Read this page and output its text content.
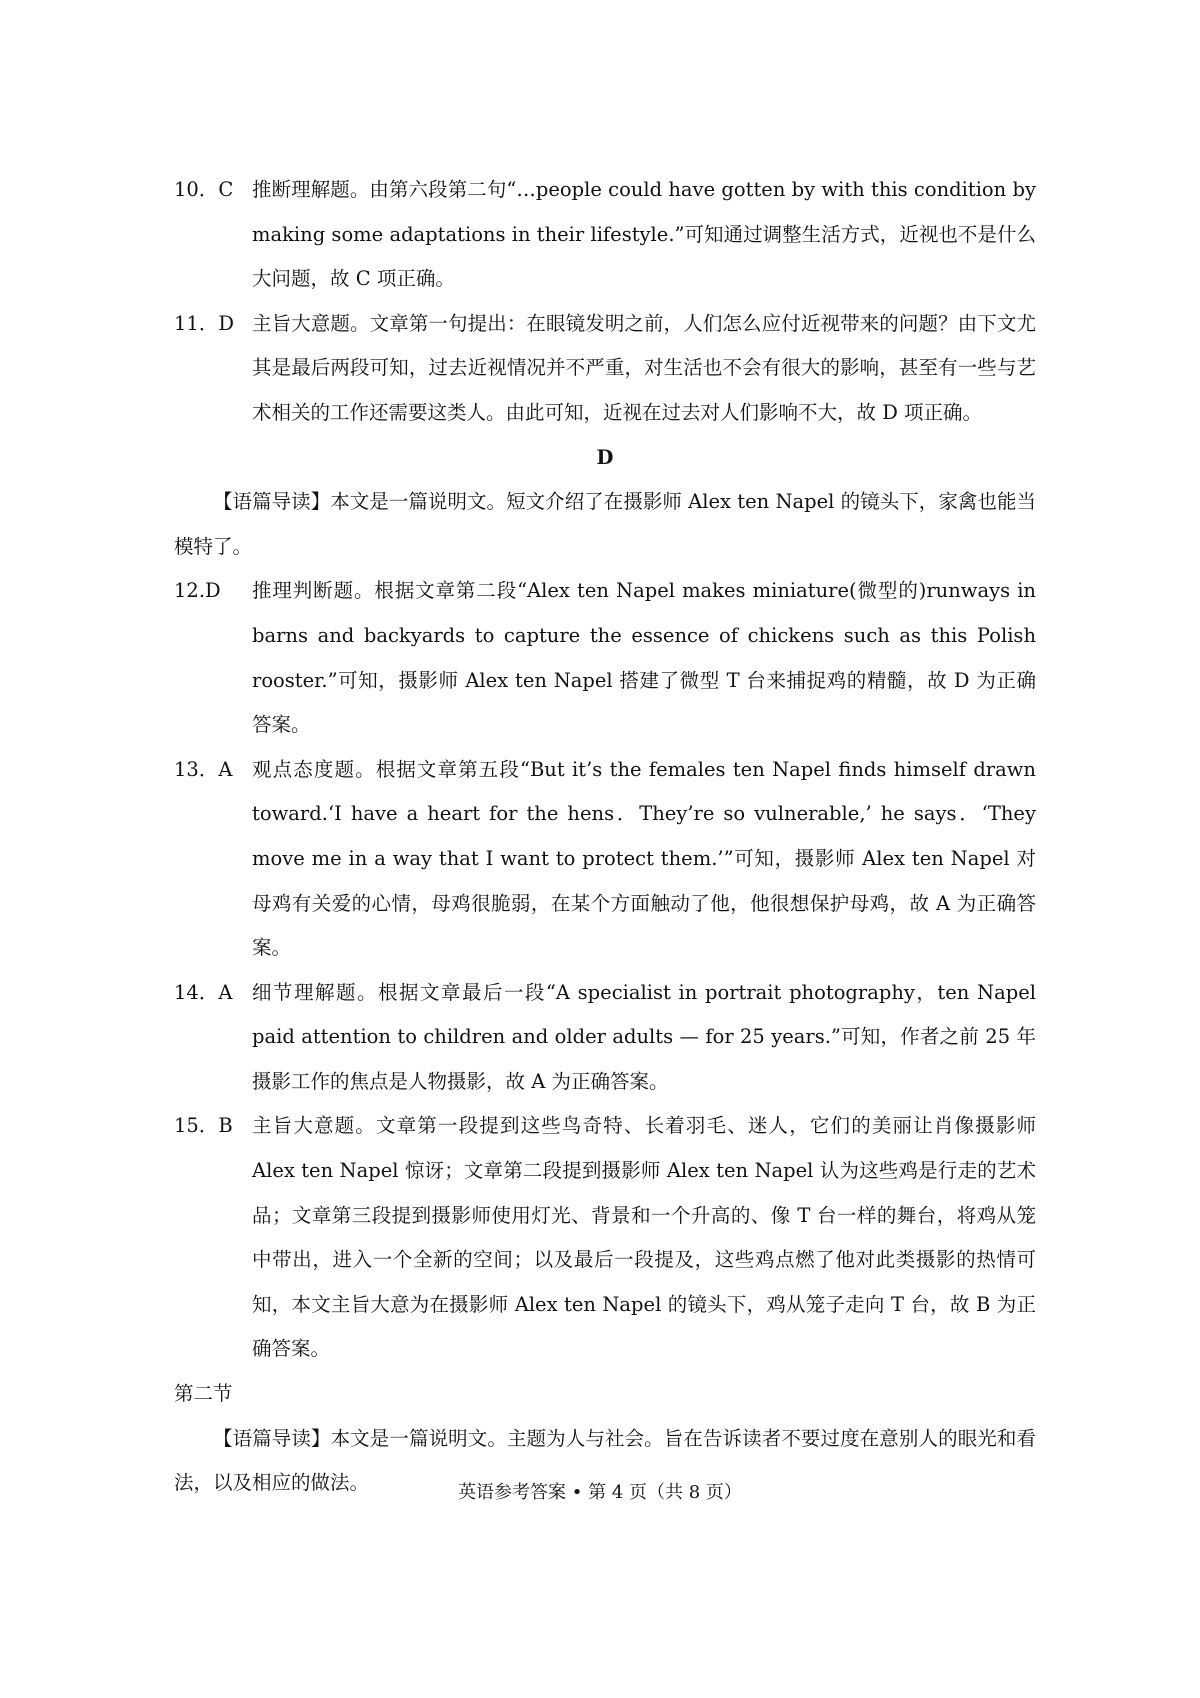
10．C 推断理解题。由第六段第二句“…people could have gotten by with this condition by making some adaptations in their lifestyle.”可知通过调整生活方式，近视也不是什么大问题，故 C 项正确。
11．D 主旨大意题。文章第一句提出：在眼镜发明之前，人们怎么应付近视带来的问题？由下文尤其是最后两段可知，过去近视情况并不严重，对生活也不会有很大的影响，甚至有一些与艺术相关的工作还需要这类人。由此可知，近视在过去对人们影响不大，故 D 项正确。

D

【语篇导读】本文是一篇说明文。短文介绍了在摄影师 Alex ten Napel 的镜头下，家禽也能当模特了。

12.D	推理判断题。根据文章第二段“Alex ten Napel makes miniature(微型的)runways in barns and backyards to capture the essence of chickens such as this Polish rooster.”可知，摄影师 Alex ten Napel 搭建了微型 T 台来捕捉鸡的精髓，故 D 为正确答案。
13．A	观点态度题。根据文章第五段“But it’s the females ten Napel finds himself drawn toward.‘I have a heart for the hens．They’re so vulnerable,’ he says．‘They move me in a way that I want to protect them.’”可知，摄影师 Alex ten Napel 对母鸡有关爱的心情，母鸡很脆弱，在某个方面触动了他，他很想保护母鸡，故 A 为正确答案。
14．A	细节理解题。根据文章最后一段“A specialist in portrait photography，ten Napel paid attention to children and older adults — for 25 years.”可知，作者之前 25 年摄影工作的焦点是人物摄影，故 A 为正确答案。
15．B 主旨大意题。文章第一段提到这些鸟奇特、长着羽毛、迷人，它们的美丽让肖像摄影师 Alex ten Napel 惊讶；文章第二段提到摄影师 Alex ten Napel 认为这些鸡是行走的艺术品；文章第三段提到摄影师使用灯光、背景和一个升高的、像 T 台一样的舞台，将鸡从笼中带出，进入一个全新的空间；以及最后一段提及，这些鸡点燃了他对此类摄影的热情可知，本文主旨大意为在摄影师 Alex ten Napel 的镜头下，鸡从笼子走向 T 台，故 B 为正确答案。

第二节

【语篇导读】本文是一篇说明文。主题为人与社会。旨在告诉读者不要过度在意别人的眼光和看法，以及相应的做法。	英语参考答案 • 第 4 页（共 8 页）
